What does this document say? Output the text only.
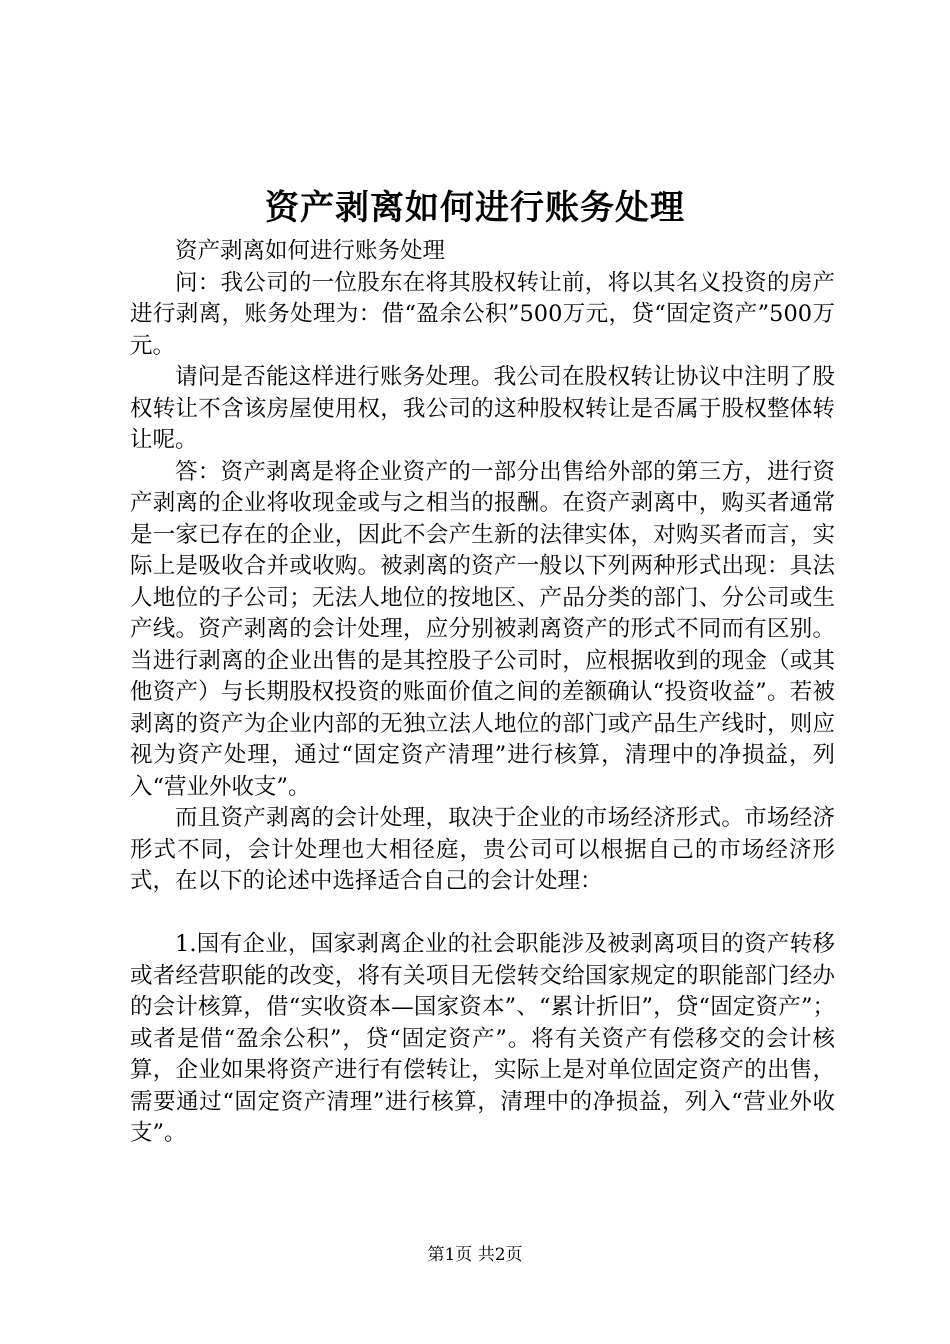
资产剥离如何进行账务处理

资产剥离如何进行账务处理

问：我公司的一位股东在将其股权转让前，将以其名义投资的房产进行剥离，账务处理为：借“盈余公积”500万元，贷“固定资产”500万元。

请问是否能这样进行账务处理。我公司在股权转让协议中注明了股权转让不含该房屋使用权，我公司的这种股权转让是否属于股权整体转让呢。

答：资产剥离是将企业资产的一部分出售给外部的第三方，进行资产剥离的企业将收现金或与之相当的报酬。在资产剥离中，购买者通常是一家已存在的企业，因此不会产生新的法律实体，对购买者而言，实际上是吸收合并或收购。被剥离的资产一般以下列两种形式出现：具法人地位的子公司；无法人地位的按地区、产品分类的部门、分公司或生产线。资产剥离的会计处理，应分别被剥离资产的形式不同而有区别。当进行剥离的企业出售的是其控股子公司时，应根据收到的现金（或其他资产）与长期股权投资的账面价值之间的差额确认“投资收益”。若被剥离的资产为企业内部的无独立法人地位的部门或产品生产线时，则应视为资产处理，通过“固定资产清理”进行核算，清理中的净损益，列入“营业外收支”。

而且资产剥离的会计处理，取决于企业的市场经济形式。市场经济形式不同，会计处理也大相径庭，贵公司可以根据自己的市场经济形式，在以下的论述中选择适合自己的会计处理：

1.国有企业，国家剥离企业的社会职能涉及被剥离项目的资产转移或者经营职能的改变，将有关项目无偿转交给国家规定的职能部门经办的会计核算，借“实收资本—国家资本”、“累计折旧”，贷“固定资产”；或者是借“盈余公积”，贷“固定资产”。将有关资产有偿移交的会计核算，企业如果将资产进行有偿转让，实际上是对单位固定资产的出售，需要通过“固定资产清理”进行核算，清理中的净损益，列入“营业外收支”。

第1页 共2页
